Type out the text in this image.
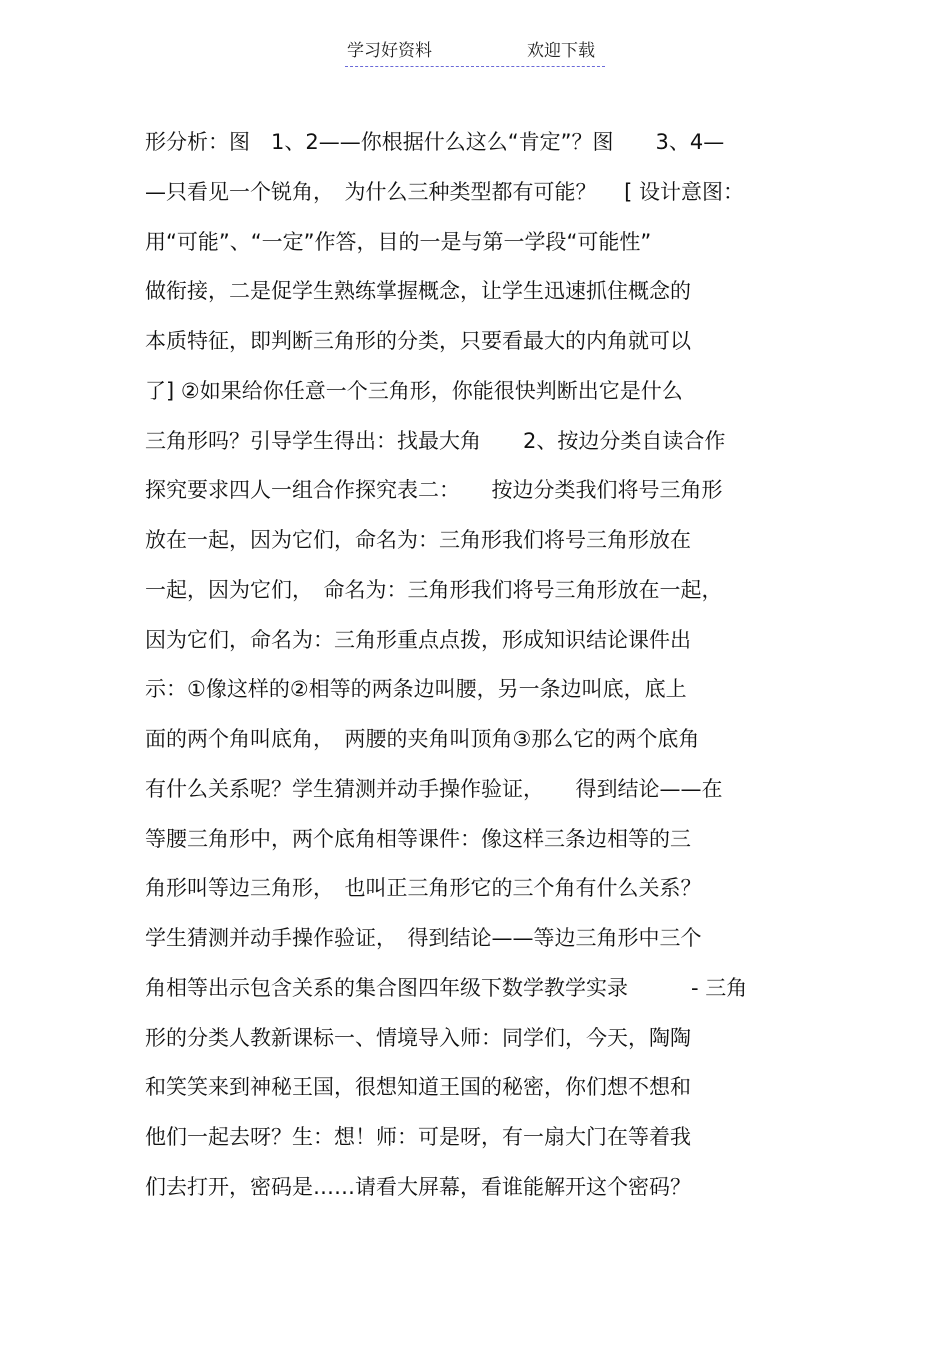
学习好资料	欢迎下载
形分析：图　1、2——你根据什么这么“肯定”？图　　3、4—
—只看见一个锐角，　为什么三种类型都有可能？　 [ 设计意图：
用“可能”、“一定”作答，目的一是与第一学段“可能性”
做衔接，二是促学生熟练掌握概念，让学生迅速抓住概念的
本质特征，即判断三角形的分类，只要看最大的内角就可以
了] ②如果给你任意一个三角形，你能很快判断出它是什么
三角形吗？引导学生得出：找最大角　　2、按边分类自读合作
探究要求四人一组合作探究表二：　　按边分类我们将号三角形
放在一起，因为它们，命名为：三角形我们将号三角形放在
一起，因为它们，　命名为：三角形我们将号三角形放在一起，
因为它们，命名为：三角形重点点拨，形成知识结论课件出
示：①像这样的②相等的两条边叫腰，另一条边叫底，底上
面的两个角叫底角，　两腰的夹角叫顶角③那么它的两个底角
有什么关系呢？学生猜测并动手操作验证，　　得到结论——在
等腰三角形中，两个底角相等课件：像这样三条边相等的三
角形叫等边三角形，　也叫正三角形它的三个角有什么关系？
学生猜测并动手操作验证，　得到结论——等边三角形中三个
角相等出示包含关系的集合图四年级下数学教学实录　　　- 三角
形的分类人教新课标一、情境导入师：同学们，今天，陶陶
和笑笑来到神秘王国，很想知道王国的秘密，你们想不想和
他们一起去呀？生：想！师：可是呀，有一扇大门在等着我
们去打开，密码是……请看大屏幕，看谁能解开这个密码？
